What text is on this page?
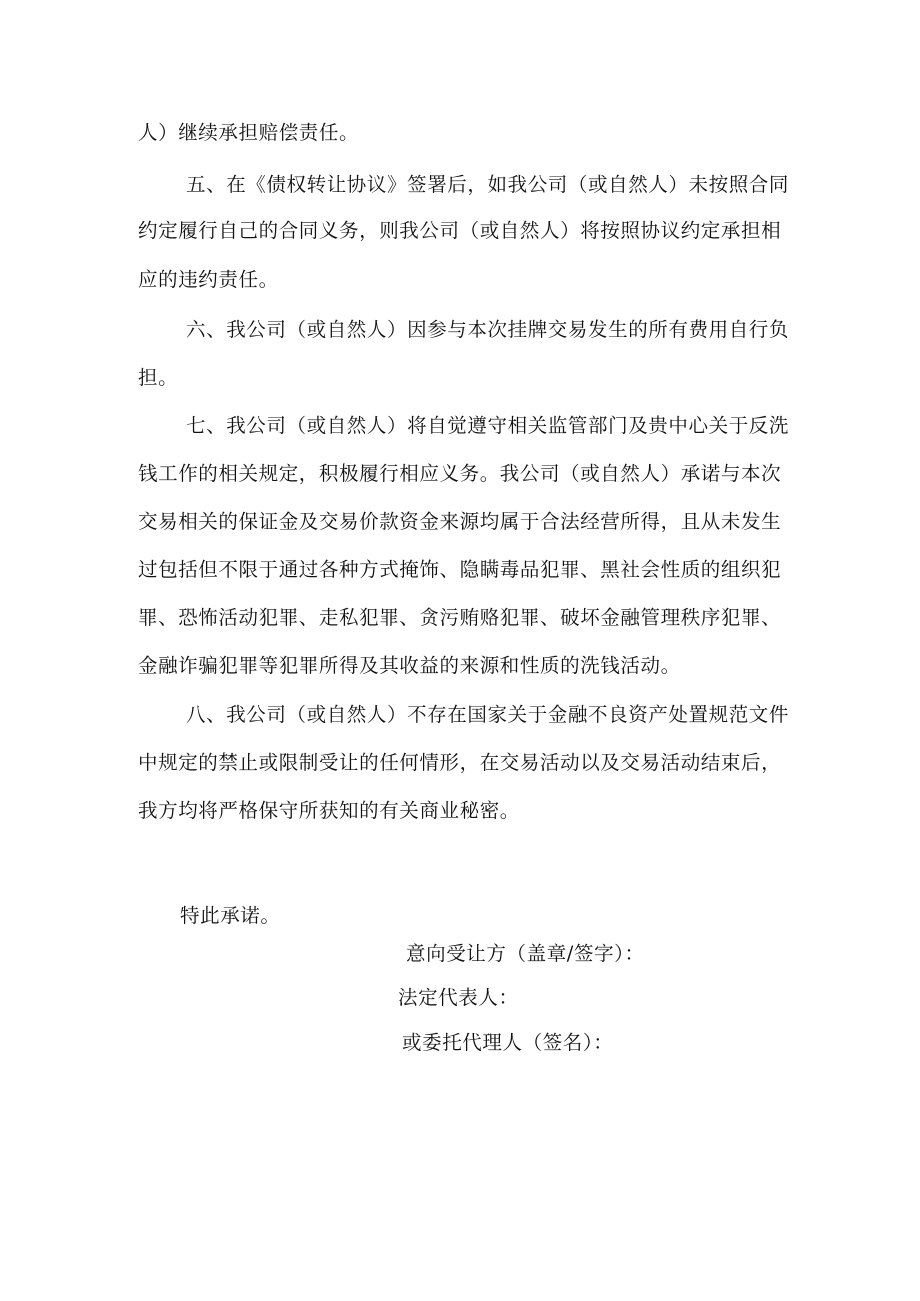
人）继续承担赔偿责任。
五、在《债权转让协议》签署后，如我公司（或自然人）未按照合同
约定履行自己的合同义务，则我公司（或自然人）将按照协议约定承担相
应的违约责任。
六、我公司（或自然人）因参与本次挂牌交易发生的所有费用自行负
担。
七、我公司（或自然人）将自觉遵守相关监管部门及贵中心关于反洗
钱工作的相关规定，积极履行相应义务。我公司（或自然人）承诺与本次
交易相关的保证金及交易价款资金来源均属于合法经营所得，且从未发生
过包括但不限于通过各种方式掩饰、隐瞒毒品犯罪、黑社会性质的组织犯
罪、恐怖活动犯罪、走私犯罪、贪污贿赂犯罪、破坏金融管理秩序犯罪、
金融诈骗犯罪等犯罪所得及其收益的来源和性质的洗钱活动。
八、我公司（或自然人）不存在国家关于金融不良资产处置规范文件
中规定的禁止或限制受让的任何情形，在交易活动以及交易活动结束后，
我方均将严格保守所获知的有关商业秘密。
特此承诺。
意向受让方（盖章/签字）：
法定代表人：
或委托代理人（签名）：
